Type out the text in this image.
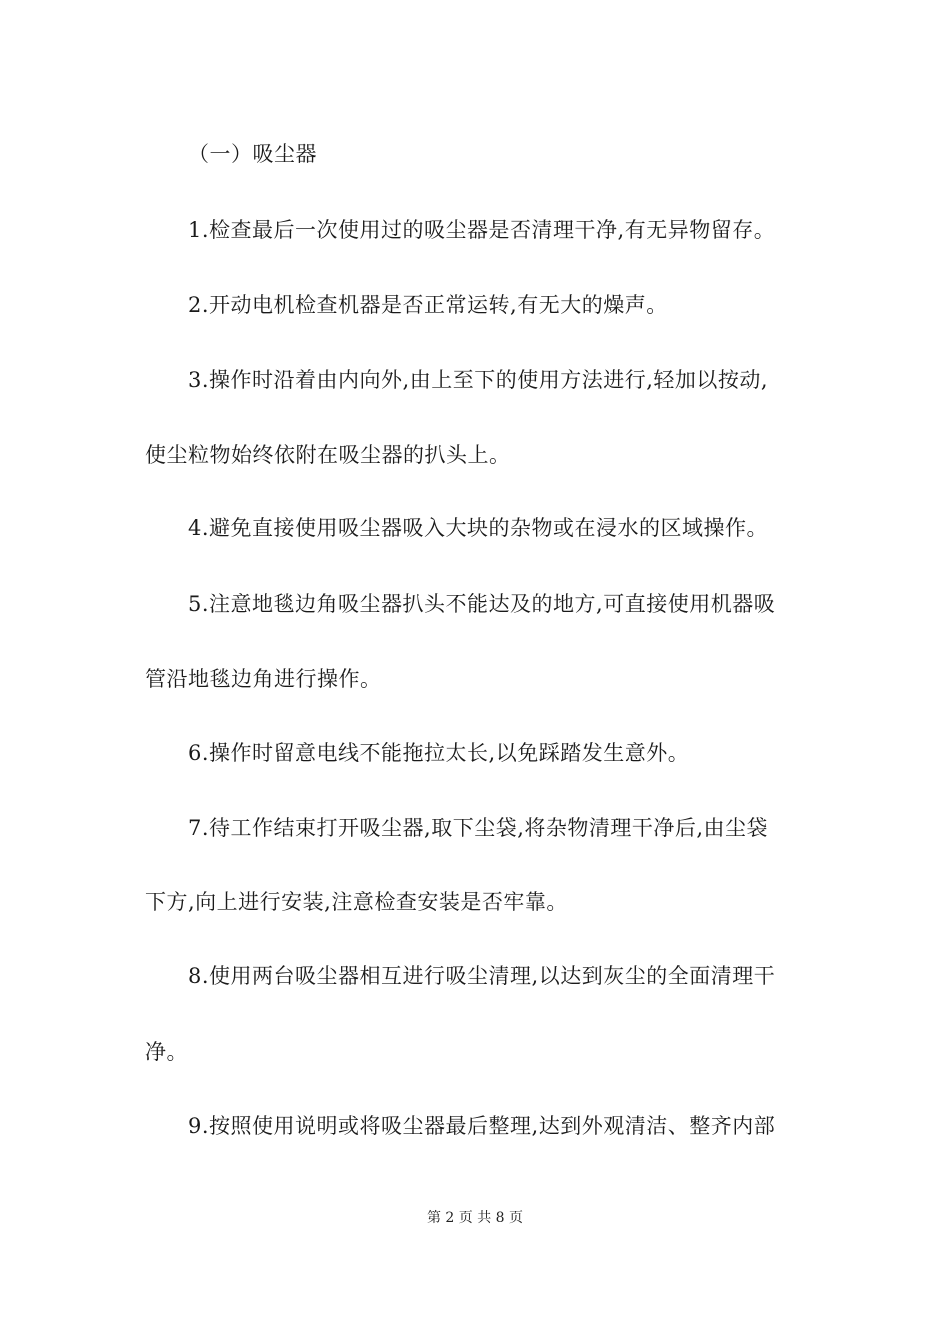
（一）吸尘器
1.检查最后一次使用过的吸尘器是否清理干净,有无异物留存。
2.开动电机检查机器是否正常运转,有无大的燥声。
3.操作时沿着由内向外,由上至下的使用方法进行,轻加以按动,
使尘粒物始终依附在吸尘器的扒头上。
4.避免直接使用吸尘器吸入大块的杂物或在浸水的区域操作。
5.注意地毯边角吸尘器扒头不能达及的地方,可直接使用机器吸
管沿地毯边角进行操作。
6.操作时留意电线不能拖拉太长,以免踩踏发生意外。
7.待工作结束打开吸尘器,取下尘袋,将杂物清理干净后,由尘袋
下方,向上进行安装,注意检查安装是否牢靠。
8.使用两台吸尘器相互进行吸尘清理,以达到灰尘的全面清理干
净。
9.按照使用说明或将吸尘器最后整理,达到外观清洁、整齐内部
第 2 页 共 8 页
